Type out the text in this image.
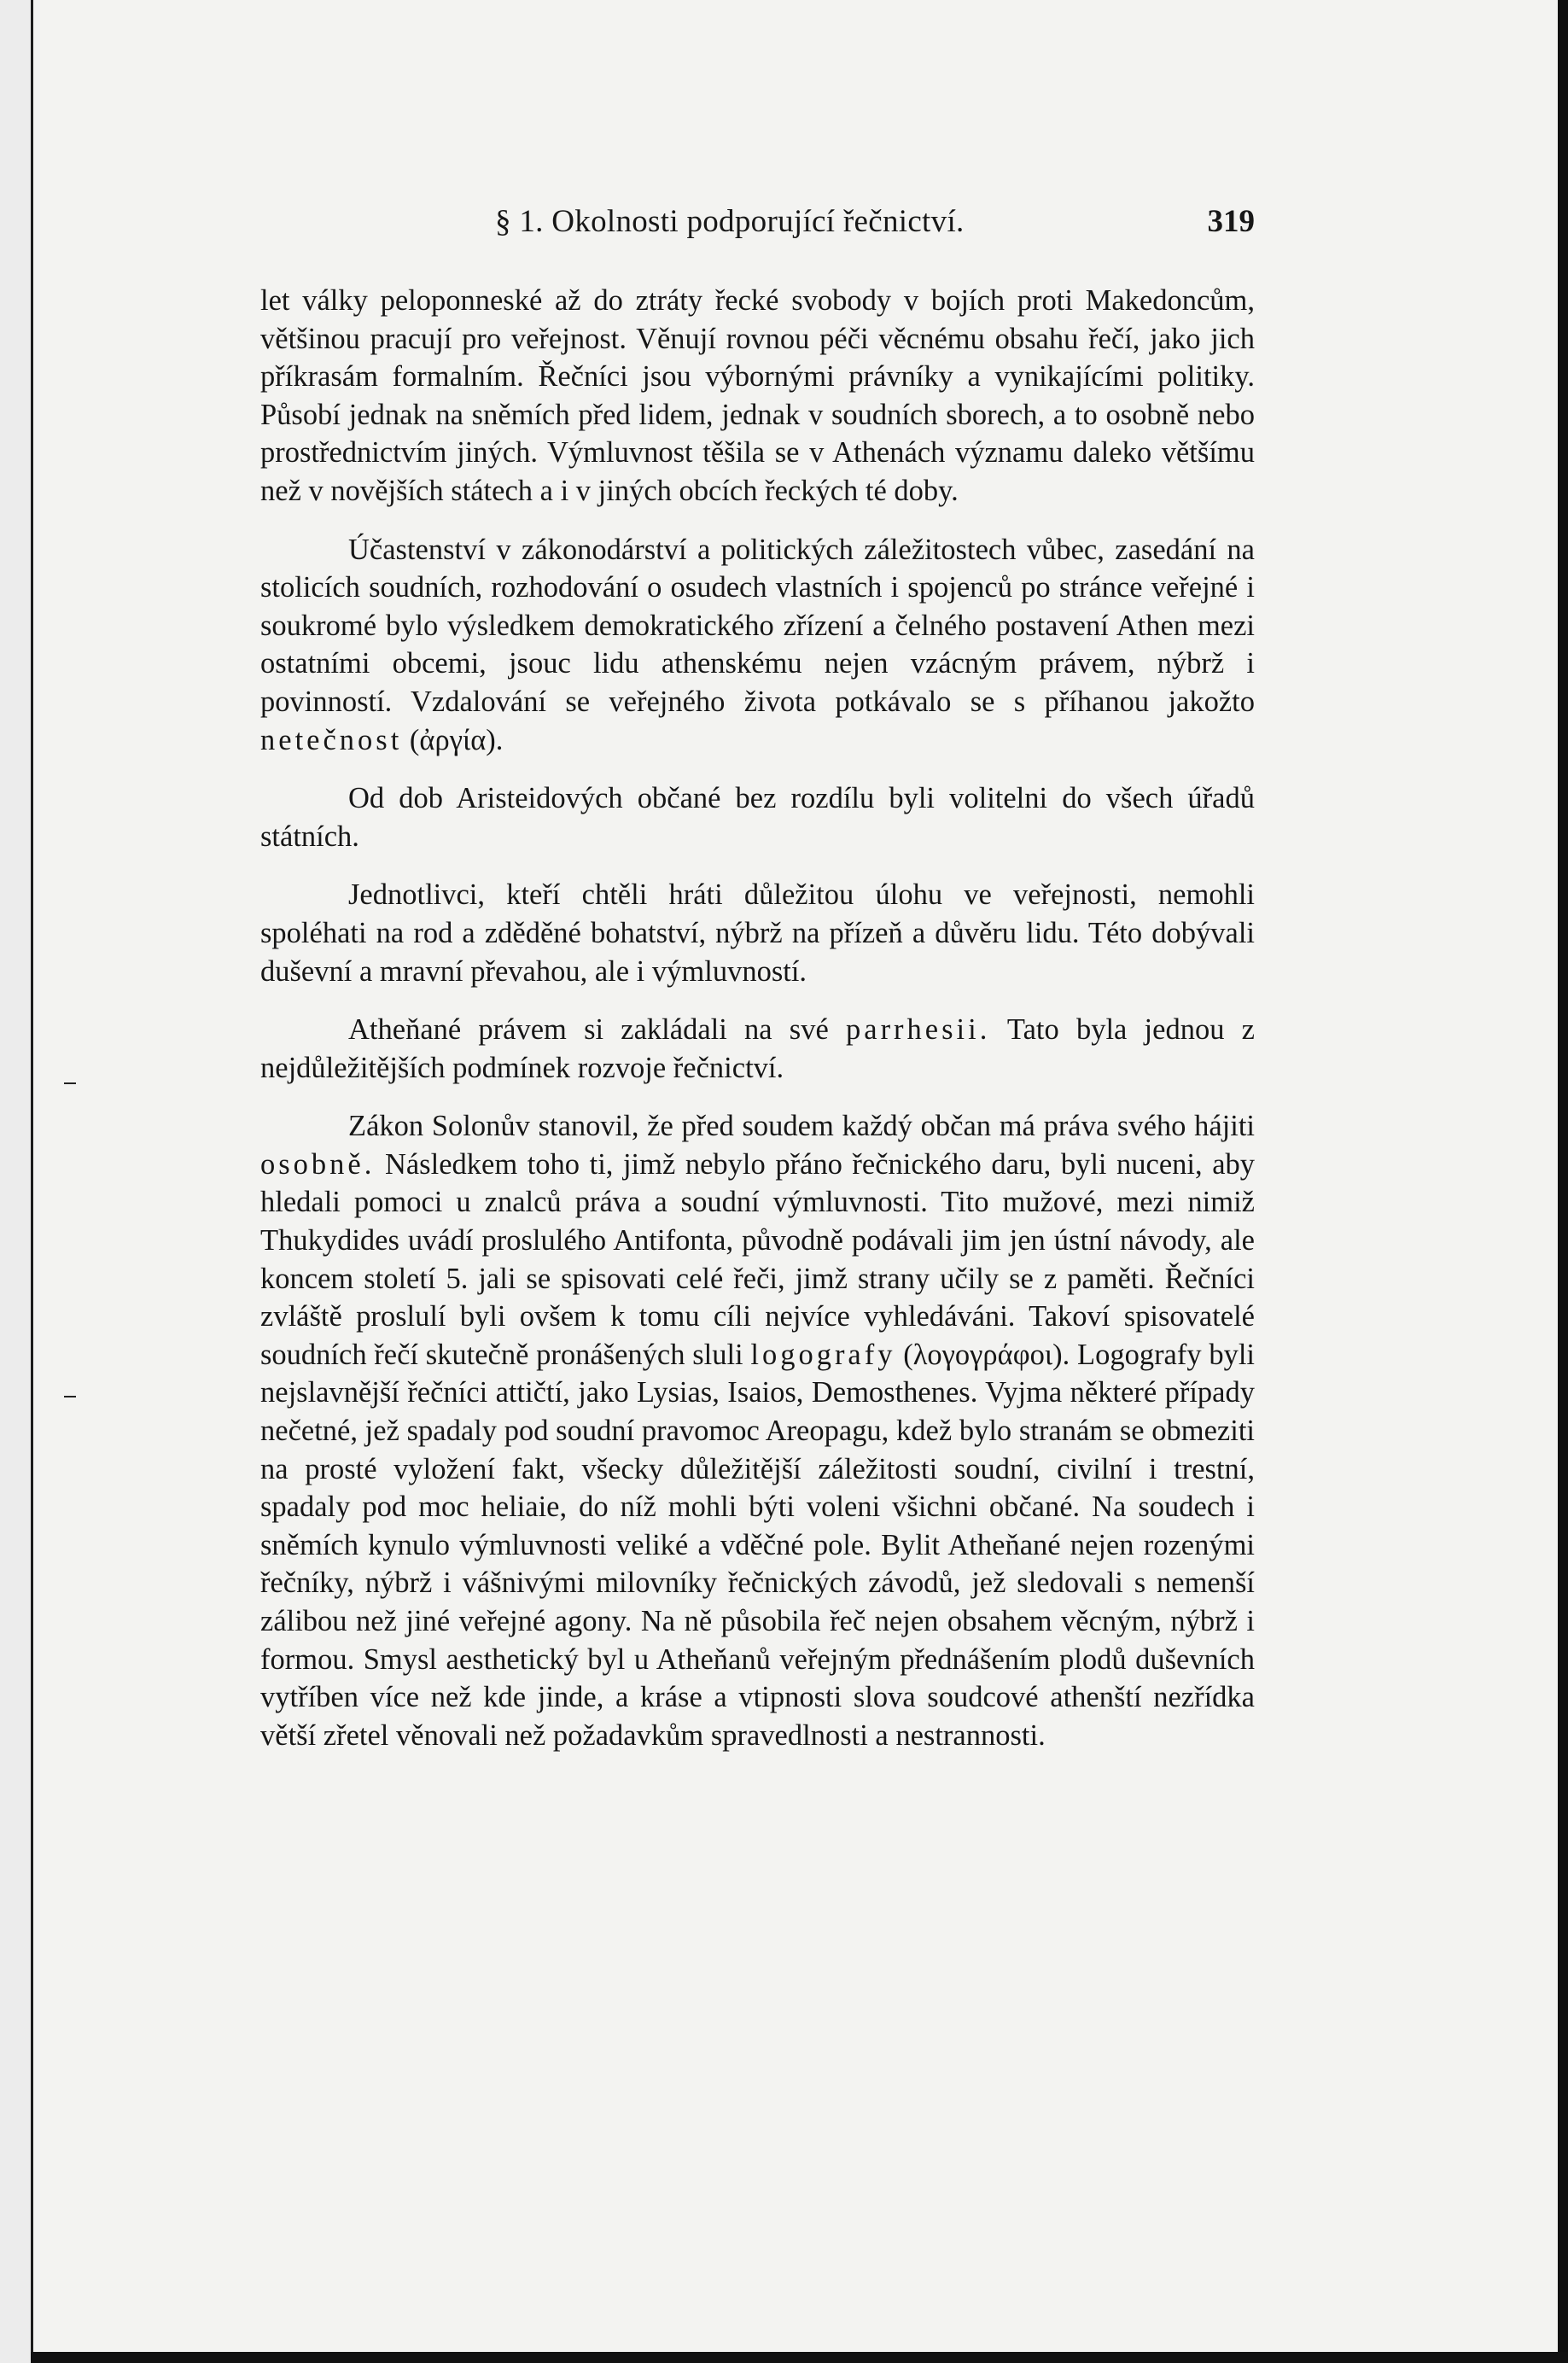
§ 1. Okolnosti podporující řečnictví.	319

let války peloponneské až do ztráty řecké svobody v bojích proti Makedoncům, většinou pracují pro veřejnost. Věnují rovnou péči věcnému obsahu řečí, jako jich příkrasám formalním. Řečníci jsou výbornými právníky a vynikajícími politiky. Působí jednak na sněmích před lidem, jednak v soudních sborech, a to osobně nebo prostřednictvím jiných. Výmluvnost těšila se v Athenách významu daleko většímu než v novějších státech a i v jiných obcích řeckých té doby.

Účastenství v zákonodárství a politických záležitostech vůbec, zasedání na stolicích soudních, rozhodování o osudech vlastních i spojenců po stránce veřejné i soukromé bylo výsledkem demokratického zřízení a čelného postavení Athen mezi ostatními obcemi, jsouc lidu athenskému nejen vzácným právem, nýbrž i povinností. Vzdalování se veřejného života potkávalo se s příhanou jakožto netečnost (ἀργία).

Od dob Aristeidových občané bez rozdílu byli volitelni do všech úřadů státních.

Jednotlivci, kteří chtěli hráti důležitou úlohu ve veřejnosti, nemohli spoléhati na rod a zděděné bohatství, nýbrž na přízeň a důvěru lidu. Této dobývali duševní a mravní převahou, ale i výmluvností.

Atheňané právem si zakládali na své parrhesii. Tato byla jednou z nejdůležitějších podmínek rozvoje řečnictví.

Zákon Solonův stanovil, že před soudem každý občan má práva svého hájiti osobně. Následkem toho ti, jimž nebylo přáno řečnického daru, byli nuceni, aby hledali pomoci u znalců práva a soudní výmluvnosti. Tito mužové, mezi nimiž Thukydides uvádí proslulého Antifonta, původně podávali jim jen ústní návody, ale koncem století 5. jali se spisovati celé řeči, jimž strany učily se z paměti. Řečníci zvláště proslulí byli ovšem k tomu cíli nejvíce vyhledáváni. Takoví spisovatelé soudních řečí skutečně pronášených sluli logografy (λογογράφοι). Logografy byli nejslavnější řečníci attičtí, jako Lysias, Isaios, Demosthenes. Vyjma některé případy nečetné, jež spadaly pod soudní pravomoc Areopagu, kdež bylo stranám se obmeziti na prosté vyložení fakt, všecky důležitější záležitosti soudní, civilní i trestní, spadaly pod moc heliaie, do níž mohli býti voleni všichni občané. Na soudech i sněmích kynulo výmluvnosti veliké a vděčné pole. Bylit Atheňané nejen rozenými řečníky, nýbrž i vášnivými milovníky řečnických závodů, jež sledovali s nemenší zálibou než jiné veřejné agony. Na ně působila řeč nejen obsahem věcným, nýbrž i formou. Smysl aesthetický byl u Atheňanů veřejným přednášením plodů duševních vytříben více než kde jinde, a krásе a vtipnosti slova soudcové athenští nezřídka větší zřetel věnovali než požadavkům spravedlnosti a nestrannosti.
